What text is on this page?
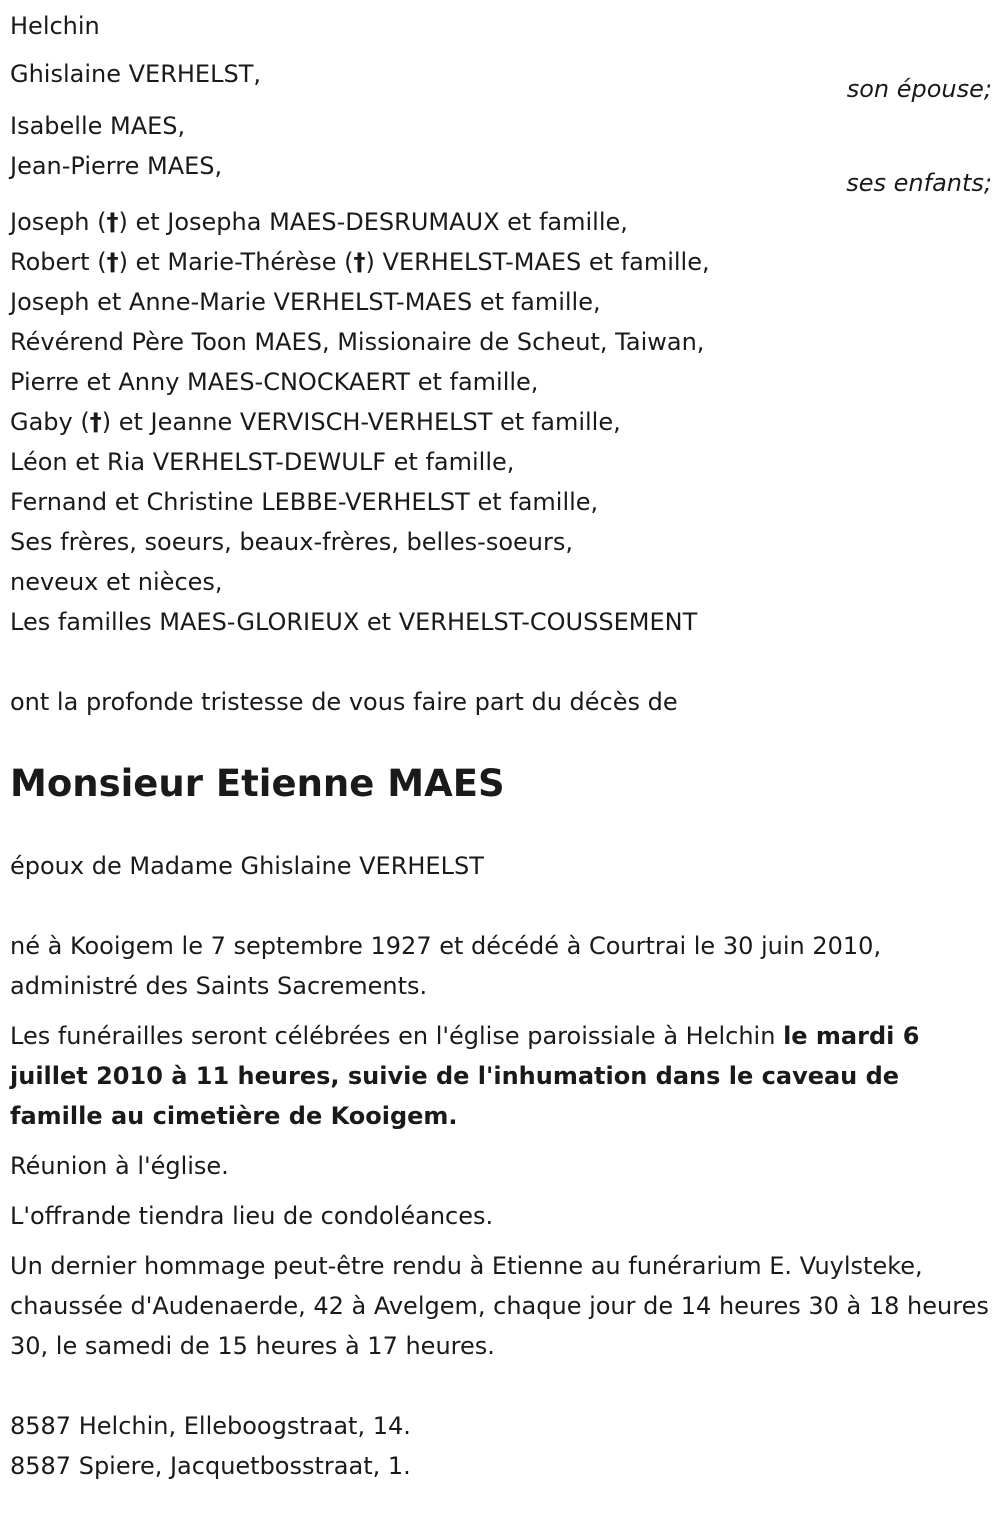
Helchin
Ghislaine VERHELST,
son épouse;
Isabelle MAES,
Jean-Pierre MAES,
ses enfants;
Joseph (†) et Josepha MAES-DESRUMAUX et famille,
Robert (†) et Marie-Thérèse (†) VERHELST-MAES et famille,
Joseph et Anne-Marie VERHELST-MAES et famille,
Révérend Père Toon MAES, Missionaire de Scheut, Taiwan,
Pierre et Anny MAES-CNOCKAERT et famille,
Gaby (†) et Jeanne VERVISCH-VERHELST et famille,
Léon et Ria VERHELST-DEWULF et famille,
Fernand et Christine LEBBE-VERHELST et famille,
Ses frères, soeurs, beaux-frères, belles-soeurs,
neveux et nièces,
Les familles MAES-GLORIEUX et VERHELST-COUSSEMENT
ont la profonde tristesse de vous faire part du décès de
Monsieur Etienne MAES
époux de Madame Ghislaine VERHELST

né à Kooigem le 7 septembre 1927 et décédé à Courtrai le 30 juin 2010, administré des Saints Sacrements.

Les funérailles seront célébrées en l'église paroissiale à Helchin le mardi 6 juillet 2010 à 11 heures, suivie de l'inhumation dans le caveau de famille au cimetière de Kooigem.

Réunion à l'église.

L'offrande tiendra lieu de condoléances.

Un dernier hommage peut-être rendu à Etienne au funérarium E. Vuylsteke, chaussée d'Audenaerde, 42 à Avelgem, chaque jour de 14 heures 30 à 18 heures 30, le samedi de 15 heures à 17 heures.

8587 Helchin, Elleboogstraat, 14.
8587 Spiere, Jacquetbosstraat, 1.
